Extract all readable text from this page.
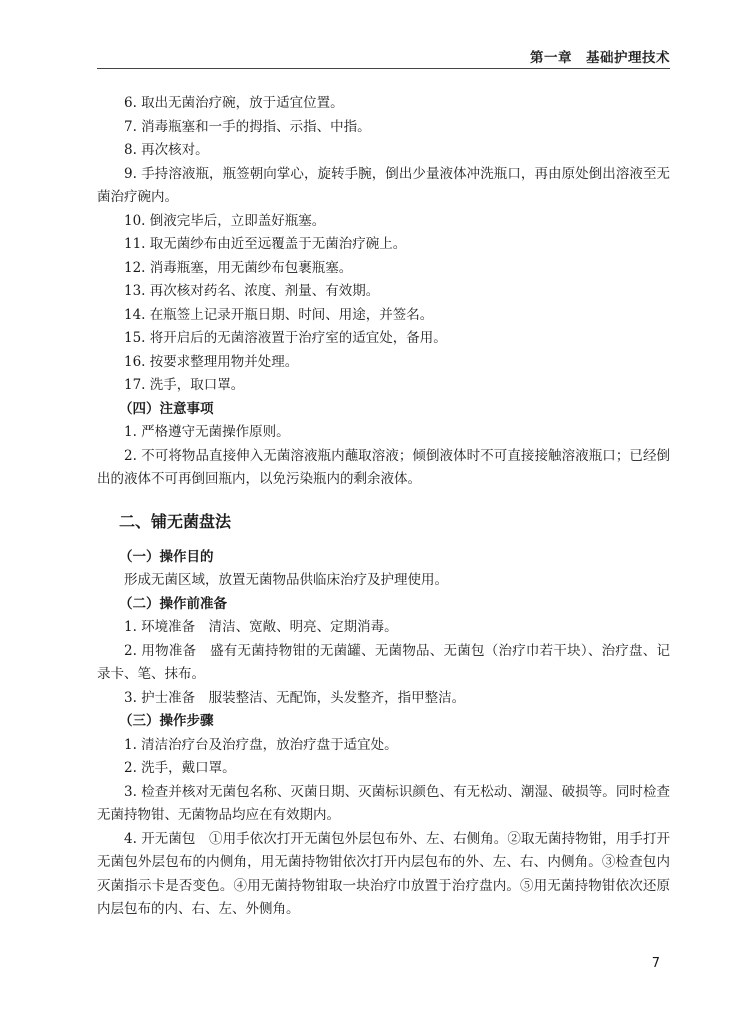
第一章　基础护理技术

6. 取出无菌治疗碗，放于适宜位置。

7. 消毒瓶塞和一手的拇指、示指、中指。

8. 再次核对。

9. 手持溶液瓶，瓶签朝向掌心，旋转手腕，倒出少量液体冲洗瓶口，再由原处倒出溶液至无菌治疗碗内。

10. 倒液完毕后，立即盖好瓶塞。

11. 取无菌纱布由近至远覆盖于无菌治疗碗上。

12. 消毒瓶塞，用无菌纱布包裹瓶塞。

13. 再次核对药名、浓度、剂量、有效期。

14. 在瓶签上记录开瓶日期、时间、用途，并签名。

15. 将开启后的无菌溶液置于治疗室的适宜处，备用。

16. 按要求整理用物并处理。

17. 洗手，取口罩。

（四）注意事项

1. 严格遵守无菌操作原则。

2. 不可将物品直接伸入无菌溶液瓶内蘸取溶液；倾倒液体时不可直接接触溶液瓶口；已经倒出的液体不可再倒回瓶内，以免污染瓶内的剩余液体。

二、铺无菌盘法

（一）操作目的

形成无菌区域，放置无菌物品供临床治疗及护理使用。

（二）操作前准备

1. 环境准备　清洁、宽敞、明亮、定期消毒。

2. 用物准备　盛有无菌持物钳的无菌罐、无菌物品、无菌包（治疗巾若干块）、治疗盘、记录卡、笔、抹布。

3. 护士准备　服装整洁、无配饰，头发整齐，指甲整洁。

（三）操作步骤

1. 清洁治疗台及治疗盘，放治疗盘于适宜处。

2. 洗手，戴口罩。

3. 检查并核对无菌包名称、灭菌日期、灭菌标识颜色、有无松动、潮湿、破损等。同时检查无菌持物钳、无菌物品均应在有效期内。

4. 开无菌包　①用手依次打开无菌包外层包布外、左、右侧角。②取无菌持物钳，用手打开无菌包外层包布的内侧角，用无菌持物钳依次打开内层包布的外、左、右、内侧角。③检查包内灭菌指示卡是否变色。④用无菌持物钳取一块治疗巾放置于治疗盘内。⑤用无菌持物钳依次还原内层包布的内、右、左、外侧角。

7
